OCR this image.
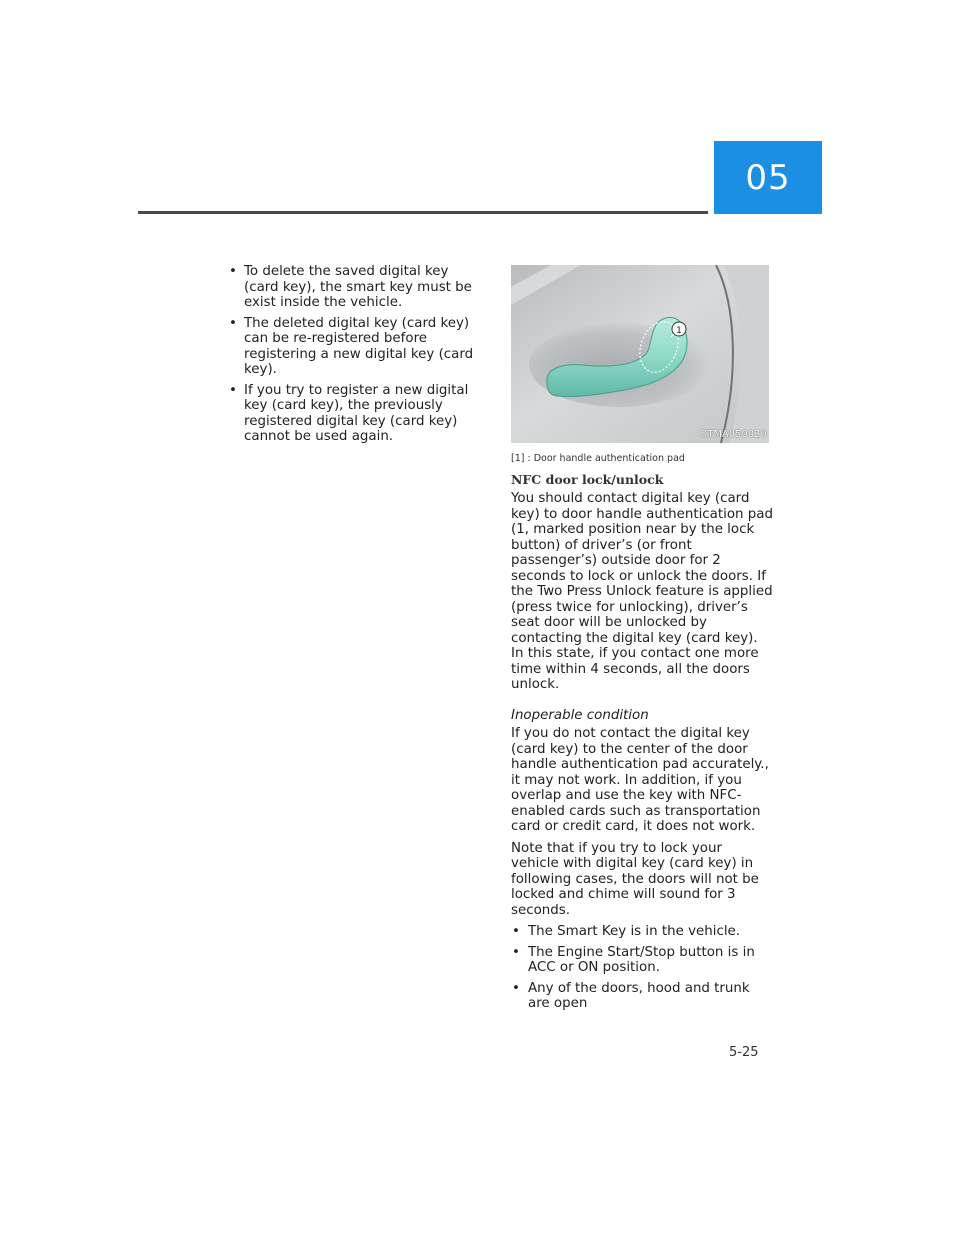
05
• To delete the saved digital key (card key), the smart key must be exist inside the vehicle.
• The deleted digital key (card key) can be re-registered before registering a new digital key (card key).
• If you try to register a new digital key (card key), the previously registered digital key (card key) cannot be used again.
1
OTMA050020
[1] : Door handle authentication pad
NFC door lock/unlock

You should contact digital key (card key) to door handle authentication pad (1, marked position near by the lock button) of driver’s (or front passenger’s) outside door for 2 seconds to lock or unlock the doors. If the Two Press Unlock feature is applied (press twice for unlocking), driver’s seat door will be unlocked by contacting the digital key (card key). In this state, if you contact one more time within 4 seconds, all the doors unlock.

Inoperable condition

If you do not contact the digital key (card key) to the center of the door handle authentication pad accurately., it may not work. In addition, if you overlap and use the key with NFC-enabled cards such as transportation card or credit card, it does not work.

Note that if you try to lock your vehicle with digital key (card key) in following cases, the doors will not be locked and chime will sound for 3 seconds.

• The Smart Key is in the vehicle.
• The Engine Start/Stop button is in ACC or ON position.
• Any of the doors, hood and trunk are open
5-25
